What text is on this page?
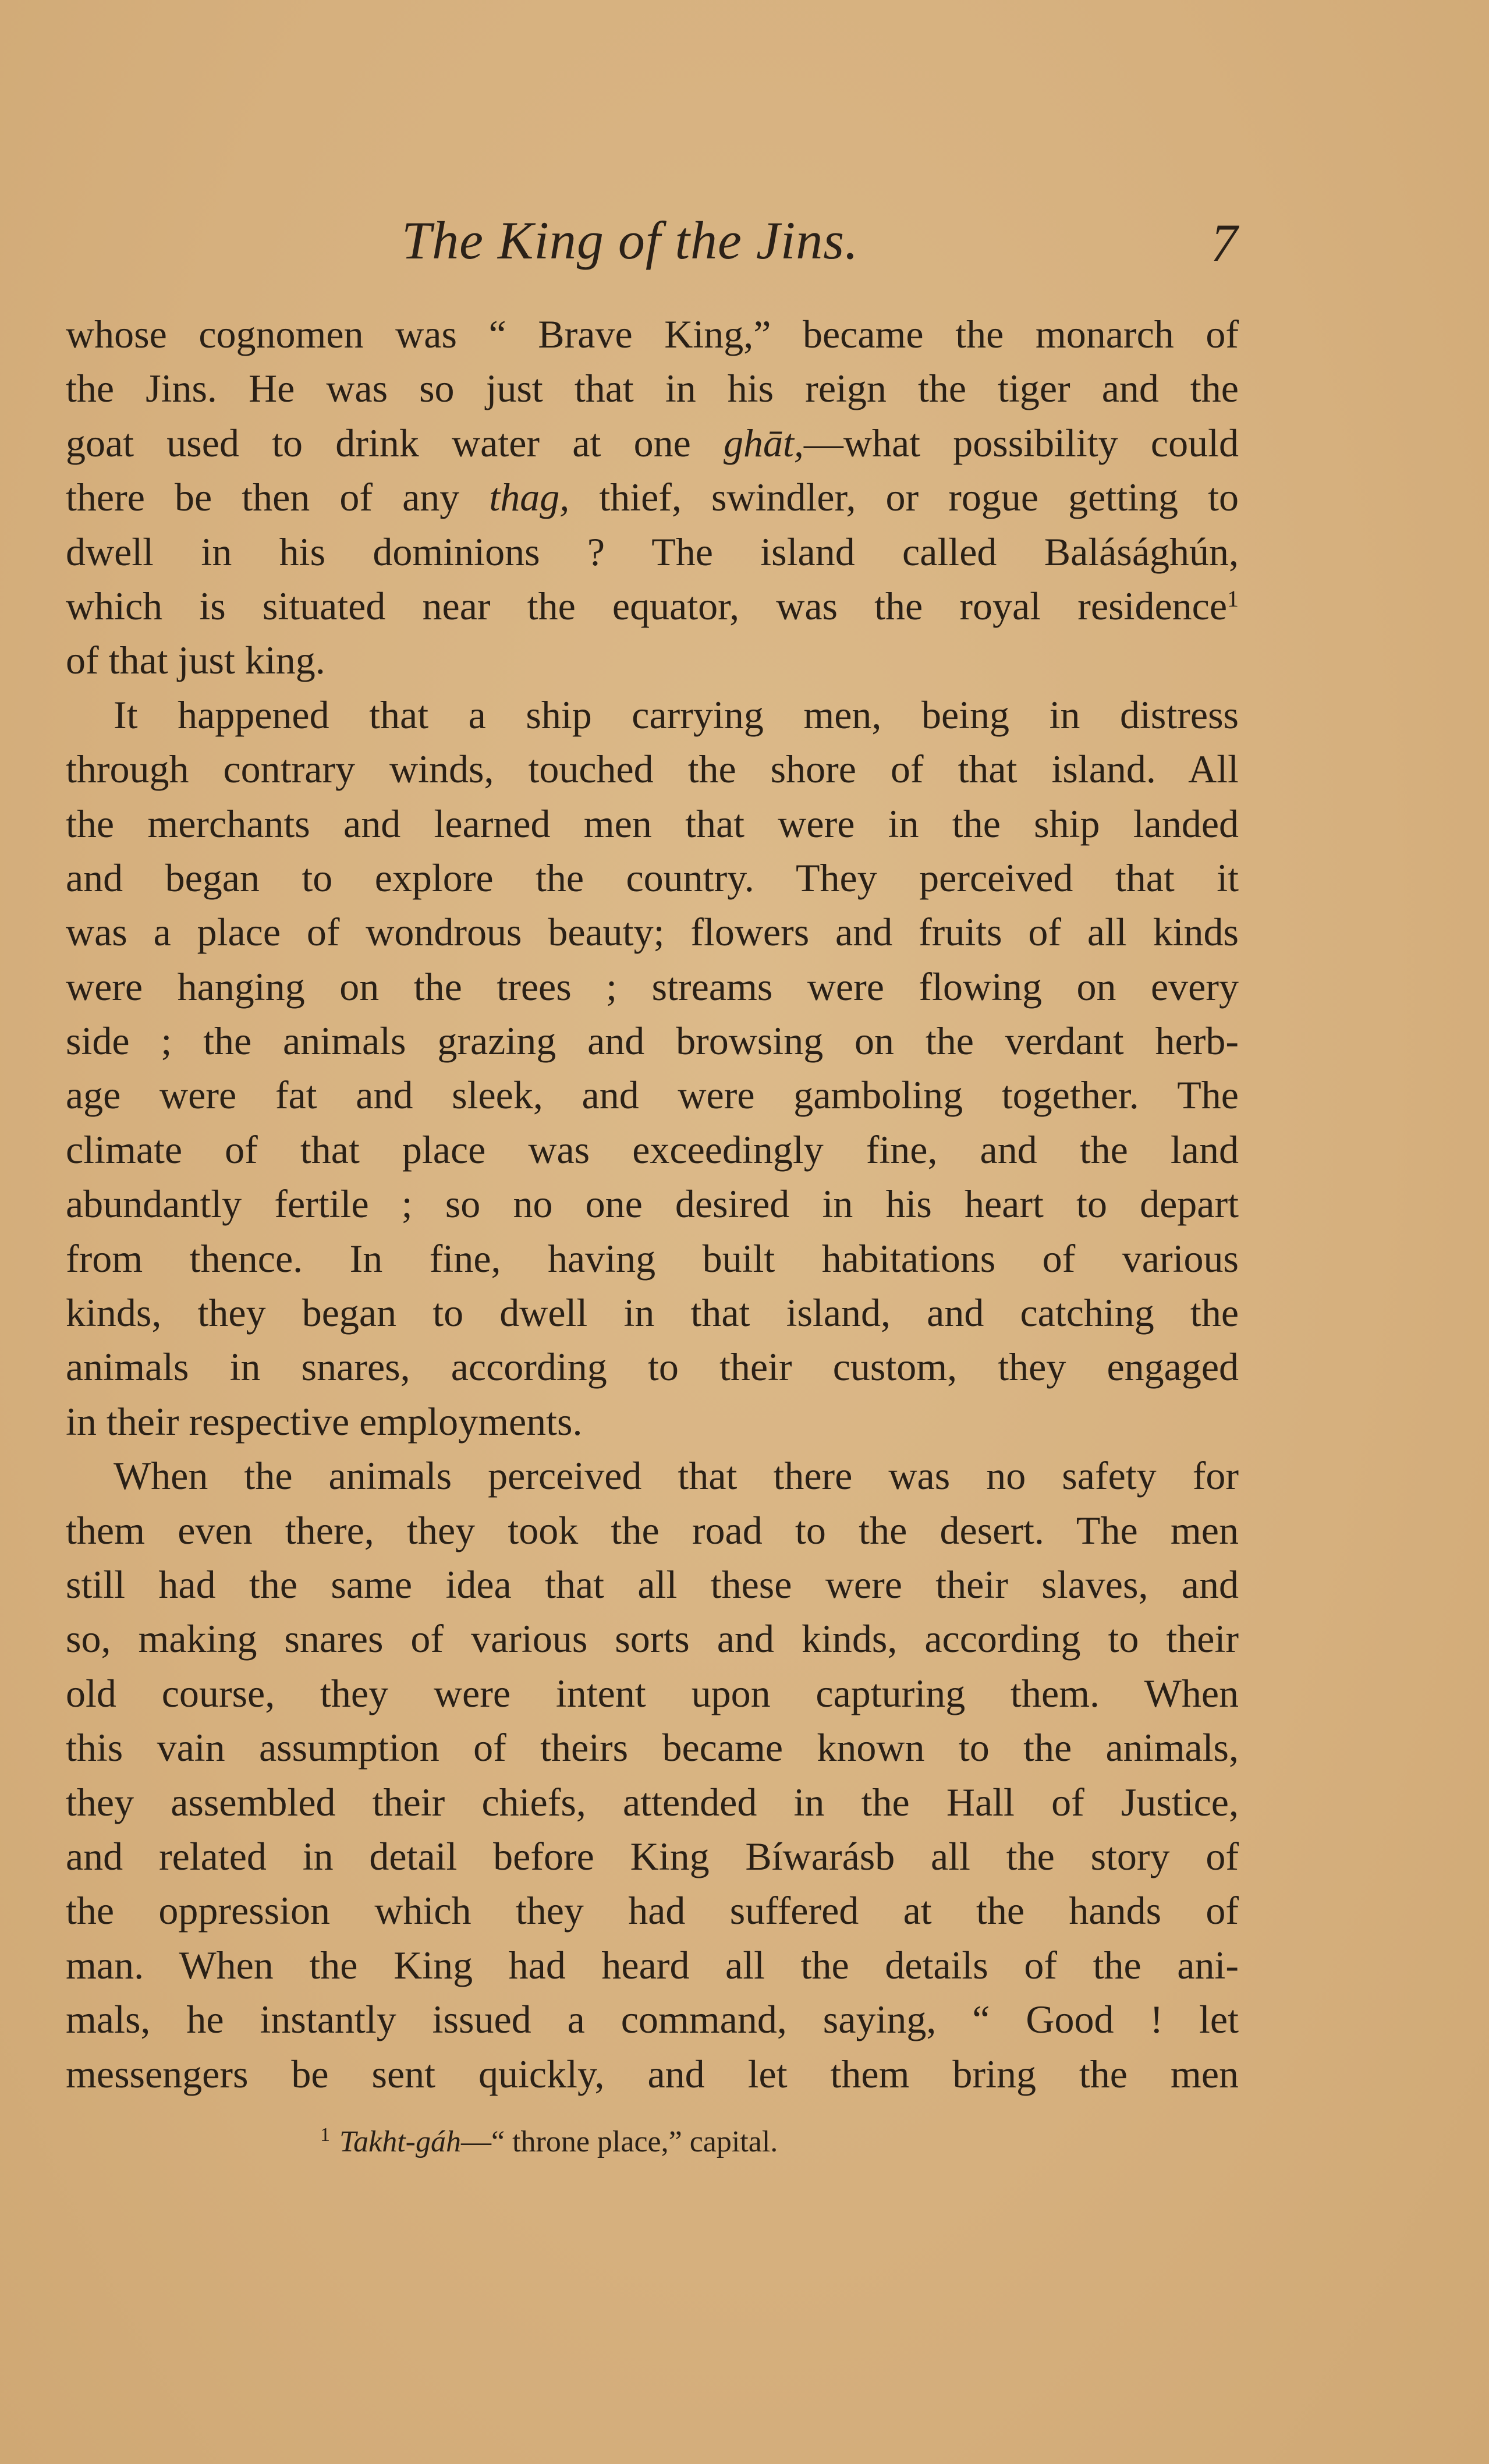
The King of the Jins.	7
whose cognomen was “ Brave King,” became the monarch of
the Jins. He was so just that in his reign the tiger and the
goat used to drink water at one ghāt,—what possibility could
there be then of any thag, thief, swindler, or rogue getting to
dwell in his dominions ? The island called Balásághún,
which is situated near the equator, was the royal residence$^1$
of that just king.
It happened that a ship carrying men, being in distress
through contrary winds, touched the shore of that island. All
the merchants and learned men that were in the ship landed
and began to explore the country. They perceived that it
was a place of wondrous beauty; flowers and fruits of all kinds
were hanging on the trees ; streams were flowing on every
side ; the animals grazing and browsing on the verdant herb-
age were fat and sleek, and were gamboling together. The
climate of that place was exceedingly fine, and the land
abundantly fertile ; so no one desired in his heart to depart
from thence. In fine, having built habitations of various
kinds, they began to dwell in that island, and catching the
animals in snares, according to their custom, they engaged
in their respective employments.
When the animals perceived that there was no safety for
them even there, they took the road to the desert. The men
still had the same idea that all these were their slaves, and
so, making snares of various sorts and kinds, according to their
old course, they were intent upon capturing them. When
this vain assumption of theirs became known to the animals,
they assembled their chiefs, attended in the Hall of Justice,
and related in detail before King Bíwarásb all the story of
the oppression which they had suffered at the hands of
man. When the King had heard all the details of the ani-
mals, he instantly issued a command, saying, “ Good ! let
messengers be sent quickly, and let them bring the men
$^1$ Takht-gáh—“ throne place,” capital.
